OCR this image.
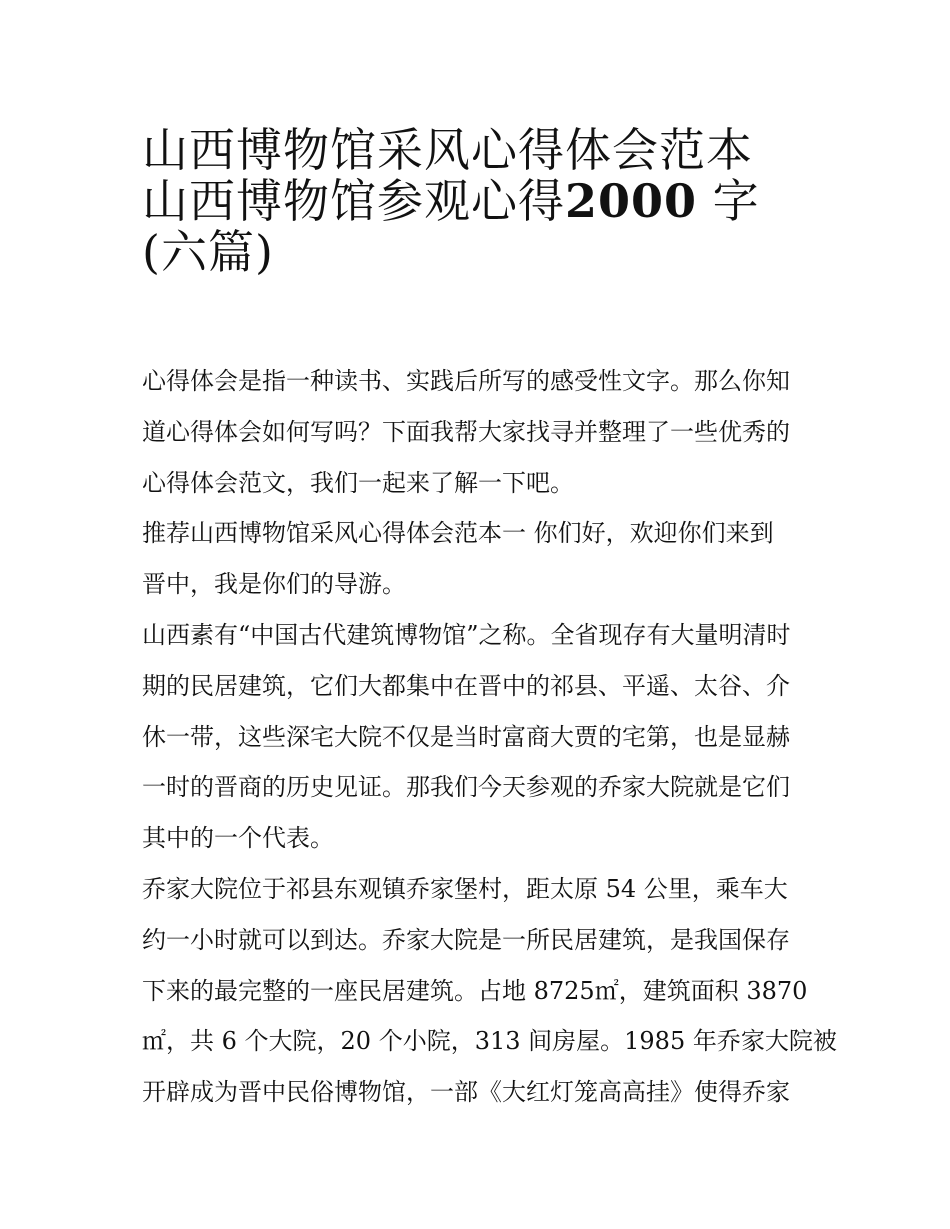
山西博物馆采风心得体会范本
山西博物馆参观心得2000 字
(六篇)
心得体会是指一种读书、实践后所写的感受性文字。那么你知
道心得体会如何写吗？下面我帮大家找寻并整理了一些优秀的
心得体会范文，我们一起来了解一下吧。
推荐山西博物馆采风心得体会范本一 你们好，欢迎你们来到
晋中，我是你们的导游。
山西素有“中国古代建筑博物馆”之称。全省现存有大量明清时
期的民居建筑，它们大都集中在晋中的祁县、平遥、太谷、介
休一带，这些深宅大院不仅是当时富商大贾的宅第，也是显赫
一时的晋商的历史见证。那我们今天参观的乔家大院就是它们
其中的一个代表。
乔家大院位于祁县东观镇乔家堡村，距太原 54 公里，乘车大
约一小时就可以到达。乔家大院是一所民居建筑，是我国保存
下来的最完整的一座民居建筑。占地 8725㎡，建筑面积 3870
㎡，共 6 个大院，20 个小院，313 间房屋。1985 年乔家大院被
开辟成为晋中民俗博物馆，一部《大红灯笼高高挂》使得乔家
